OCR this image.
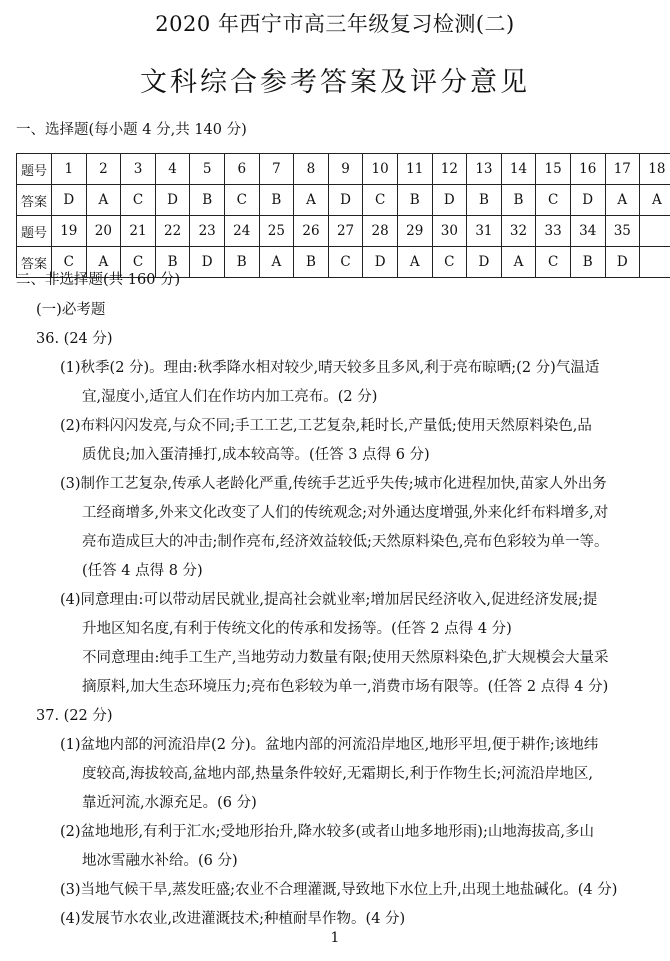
2020 年西宁市高三年级复习检测(二)
文科综合参考答案及评分意见
一、选择题(每小题 4 分,共 140 分)
题号	1	2	3	4	5	6	7	8	9	10	11	12	13	14	15	16	17	18
答案	D	A	C	D	B	C	B	A	D	C	B	D	B	B	C	D	A	A
题号	19	20	21	22	23	24	25	26	27	28	29	30	31	32	33	34	35	
答案	C	A	C	B	D	B	A	B	C	D	A	C	D	A	C	B	D	
二、非选择题(共 160 分)

(一)必考题

36. (24 分)

(1)秋季(2 分)。理由:秋季降水相对较少,晴天较多且多风,利于亮布晾晒;(2 分)气温适

宜,湿度小,适宜人们在作坊内加工亮布。(2 分)

(2)布料闪闪发亮,与众不同;手工工艺,工艺复杂,耗时长,产量低;使用天然原料染色,品

质优良;加入蛋清捶打,成本较高等。(任答 3 点得 6 分)

(3)制作工艺复杂,传承人老龄化严重,传统手艺近乎失传;城市化进程加快,苗家人外出务

工经商增多,外来文化改变了人们的传统观念;对外通达度增强,外来化纤布料增多,对

亮布造成巨大的冲击;制作亮布,经济效益较低;天然原料染色,亮布色彩较为单一等。

(任答 4 点得 8 分)

(4)同意理由:可以带动居民就业,提高社会就业率;增加居民经济收入,促进经济发展;提

升地区知名度,有利于传统文化的传承和发扬等。(任答 2 点得 4 分)

不同意理由:纯手工生产,当地劳动力数量有限;使用天然原料染色,扩大规模会大量采

摘原料,加大生态环境压力;亮布色彩较为单一,消费市场有限等。(任答 2 点得 4 分)

37. (22 分)

(1)盆地内部的河流沿岸(2 分)。盆地内部的河流沿岸地区,地形平坦,便于耕作;该地纬

度较高,海拔较高,盆地内部,热量条件较好,无霜期长,利于作物生长;河流沿岸地区,

靠近河流,水源充足。(6 分)

(2)盆地地形,有利于汇水;受地形抬升,降水较多(或者山地多地形雨);山地海拔高,多山

地冰雪融水补给。(6 分)

(3)当地气候干旱,蒸发旺盛;农业不合理灌溉,导致地下水位上升,出现土地盐碱化。(4 分)

(4)发展节水农业,改进灌溉技术;种植耐旱作物。(4 分)

1
